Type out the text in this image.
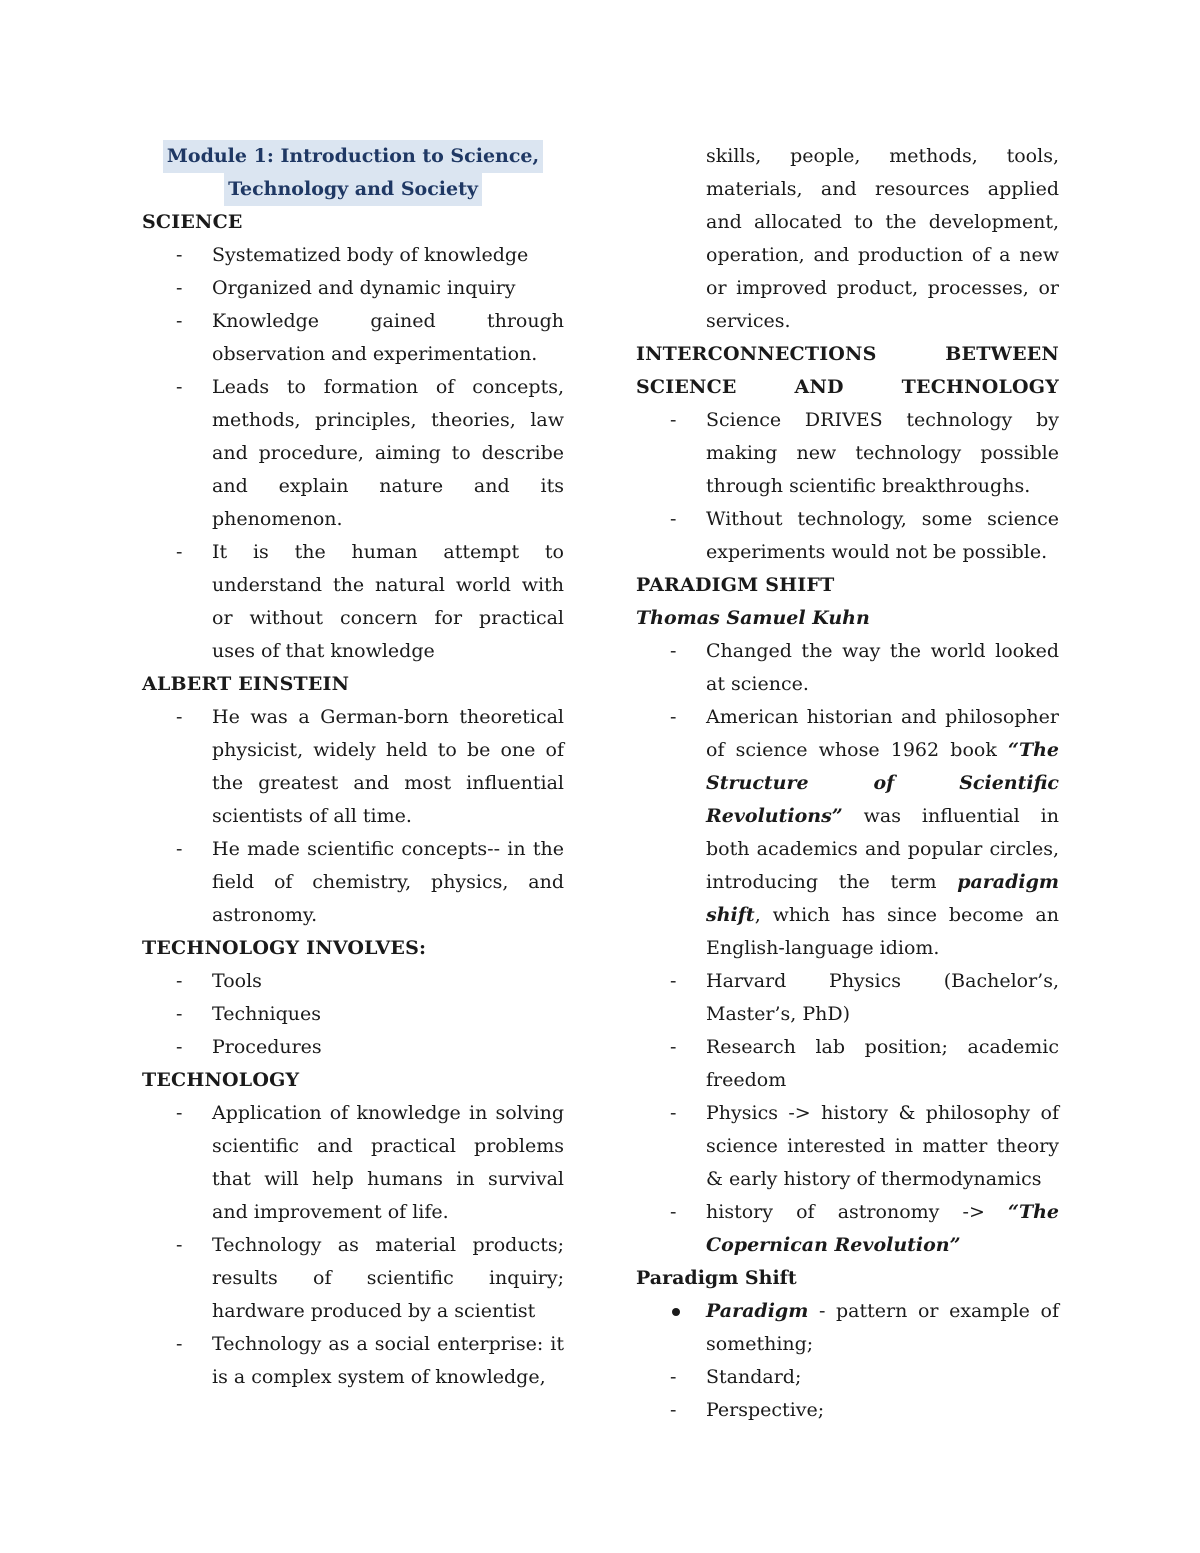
Module 1: Introduction to Science,
Technology and Society

SCIENCE

-	Systematized body of knowledge
-	Organized and dynamic inquiry
-	Knowledge gained through observation and experimentation.
-	Leads to formation of concepts, methods, principles, theories, law and procedure, aiming to describe and explain nature and its phenomenon.
-	It is the human attempt to understand the natural world with or without concern for practical uses of that knowledge

ALBERT EINSTEIN

-	He was a German-born theoretical physicist, widely held to be one of the greatest and most influential scientists of all time.
-	He made scientific concepts-- in the field of chemistry, physics, and astronomy.

TECHNOLOGY INVOLVES:

-	Tools
-	Techniques
-	Procedures

TECHNOLOGY

-	Application of knowledge in solving scientific and practical problems that will help humans in survival and improvement of life.
-	Technology as material products; results of scientific inquiry; hardware produced by a scientist
-	Technology as a social enterprise: it is a complex system of knowledge,

skills, people, methods, tools, materials, and resources applied and allocated to the development, operation, and production of a new or improved product, processes, or services.

INTERCONNECTIONS BETWEEN SCIENCE AND TECHNOLOGY

-	Science DRIVES technology by making new technology possible through scientific breakthroughs.
-	Without technology, some science experiments would not be possible.

PARADIGM SHIFT

Thomas Samuel Kuhn

-	Changed the way the world looked at science.
-	American historian and philosopher of science whose 1962 book “The Structure of Scientific Revolutions” was influential in both academics and popular circles, introducing the term paradigm shift, which has since become an English-language idiom.
-	Harvard Physics (Bachelor’s, Master’s, PhD)
-	Research lab position; academic freedom
-	Physics -> history & philosophy of science interested in matter theory & early history of thermodynamics
-	history of astronomy -> “The Copernican Revolution”

Paradigm Shift

Paradigm - pattern or example of something;
-	Standard;
-	Perspective;
